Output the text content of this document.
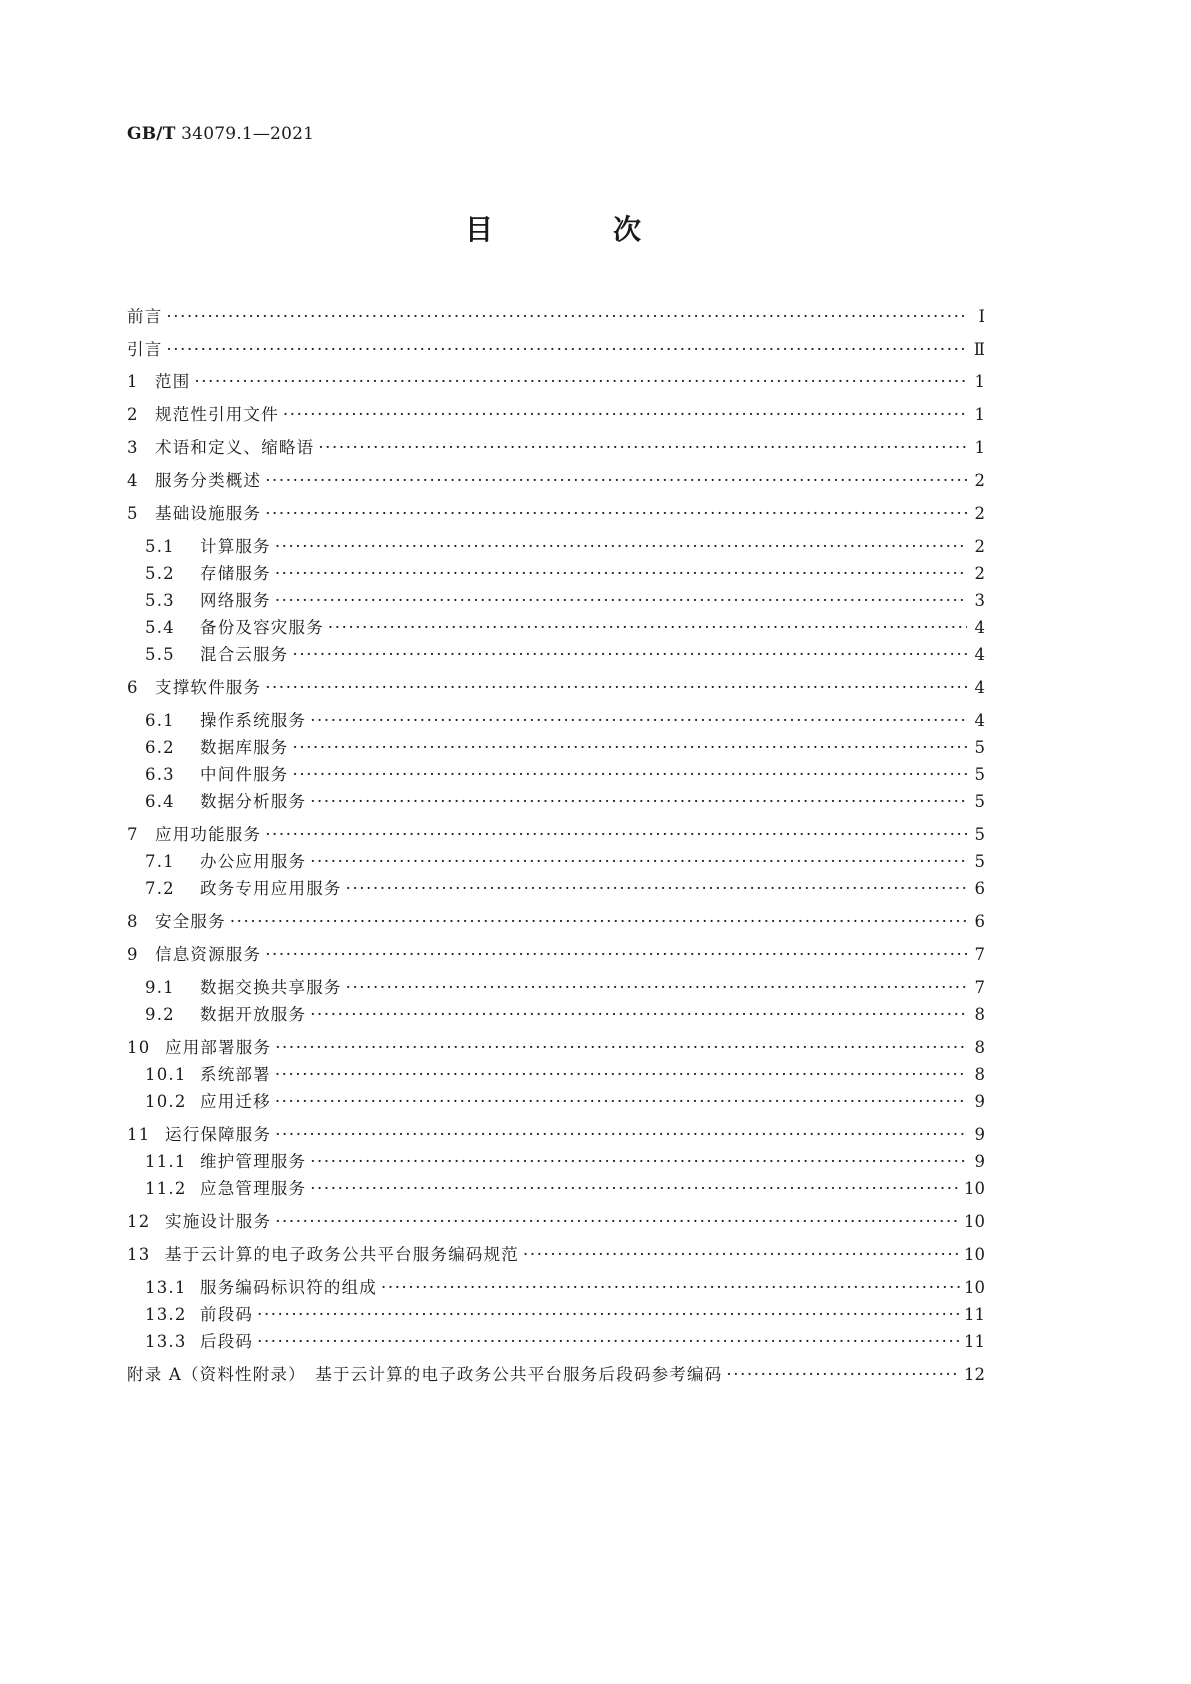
GB/T 34079.1—2021
目　次
前言 ·····	Ⅰ
引言 ·····	Ⅱ
1 范围 ·····	1
2 规范性引用文件 ·····	1
3 术语和定义、缩略语 ·····	1
4 服务分类概述 ·····	2
5 基础设施服务 ·····	2
5.1	计算服务 ·····	2
5.2	存储服务 ·····	2
5.3	网络服务 ·····	3
5.4	备份及容灾服务 ·····	4
5.5	混合云服务 ·····	4
6 支撑软件服务 ·····	4
6.1	操作系统服务 ·····	4
6.2	数据库服务 ·····	5
6.3	中间件服务 ·····	5
6.4	数据分析服务 ·····	5
7 应用功能服务 ·····	5
7.1	办公应用服务 ·····	5
7.2	政务专用应用服务 ·····	6
8 安全服务 ·····	6
9 信息资源服务 ·····	7
9.1	数据交换共享服务 ·····	7
9.2	数据开放服务 ·····	8
10 应用部署服务 ·····	8
10.1 系统部署 ·····	8
10.2 应用迁移 ·····	9
11 运行保障服务 ·····	9
11.1 维护管理服务 ·····	9
11.2 应急管理服务 ·····	10
12 实施设计服务 ·····	10
13 基于云计算的电子政务公共平台服务编码规范 ·····	10
13.1 服务编码标识符的组成 ·····	10
13.2 前段码 ·····	11
13.3 后段码 ·····	11
附录 A（资料性附录）　基于云计算的电子政务公共平台服务后段码参考编码 ·····	12
